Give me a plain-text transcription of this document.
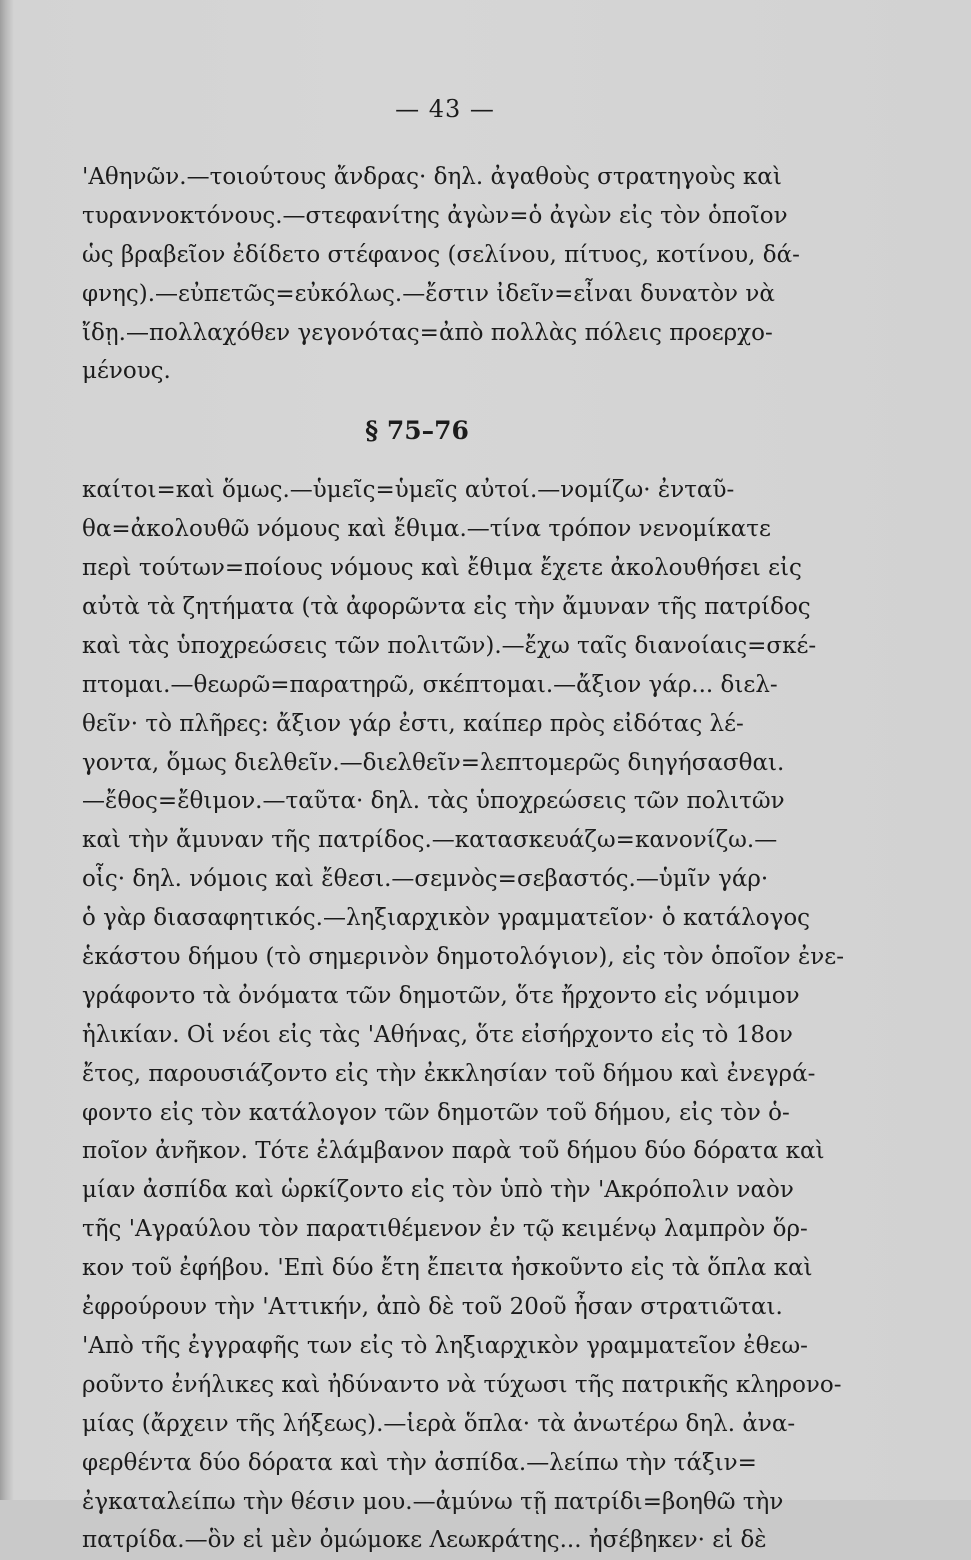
— 43 —
'Αθηνῶν.—τοιούτους ἄνδρας· δηλ. ἀγαθοὺς στρατηγοὺς καὶ
τυραννοκτόνους.—στεφανίτης ἀγὼν=ὁ ἀγὼν εἰς τὸν ὁποῖον
ὡς βραβεῖον ἐδίδετο στέφανος (σελίνου, πίτυος, κοτίνου, δά-
φνης).—εὐπετῶς=εὐκόλως.—ἔστιν ἰδεῖν=εἶναι δυνατὸν νὰ
ἴδῃ.—πολλαχόθεν γεγονότας=ἀπὸ πολλὰς πόλεις προερχο-
μένους.
§ 75–76
καίτοι=καὶ ὅμως.—ὑμεῖς=ὑμεῖς αὐτοί.—νομίζω· ἐνταῦ-
θα=ἀκολουθῶ νόμους καὶ ἔθιμα.—τίνα τρόπον νενομίκατε
περὶ τούτων=ποίους νόμους καὶ ἔθιμα ἔχετε ἀκολουθήσει εἰς
αὐτὰ τὰ ζητήματα (τὰ ἀφορῶντα εἰς τὴν ἄμυναν τῆς πατρίδος
καὶ τὰς ὑποχρεώσεις τῶν πολιτῶν).—ἔχω ταῖς διανοίαις=σκέ-
πτομαι.—θεωρῶ=παρατηρῶ, σκέπτομαι.—ἄξιον γάρ... διελ-
θεῖν· τὸ πλῆρες: ἄξιον γάρ ἐστι, καίπερ πρὸς εἰδότας λέ-
γοντα, ὅμως διελθεῖν.—διελθεῖν=λεπτομερῶς διηγήσασθαι.
—ἔθος=ἔθιμον.—ταῦτα· δηλ. τὰς ὑποχρεώσεις τῶν πολιτῶν
καὶ τὴν ἄμυναν τῆς πατρίδος.—κατασκευάζω=κανονίζω.—
οἷς· δηλ. νόμοις καὶ ἔθεσι.—σεμνὸς=σεβαστός.—ὑμῖν γάρ·
ὁ γὰρ διασαφητικός.—ληξιαρχικὸν γραμματεῖον· ὁ κατάλογος
ἑκάστου δήμου (τὸ σημερινὸν δημοτολόγιον), εἰς τὸν ὁποῖον ἐνε-
γράφοντο τὰ ὀνόματα τῶν δημοτῶν, ὅτε ἤρχοντο εἰς νόμιμον
ἡλικίαν. Οἱ νέοι εἰς τὰς 'Αθήνας, ὅτε εἰσήρχοντο εἰς τὸ 18ον
ἔτος, παρουσιάζοντο εἰς τὴν ἐκκλησίαν τοῦ δήμου καὶ ἐνεγρά-
φοντο εἰς τὸν κατάλογον τῶν δημοτῶν τοῦ δήμου, εἰς τὸν ὁ-
ποῖον ἀνῆκον. Τότε ἐλάμβανον παρὰ τοῦ δήμου δύο δόρατα καὶ
μίαν ἀσπίδα καὶ ὡρκίζοντο εἰς τὸν ὑπὸ τὴν 'Ακρόπολιν ναὸν
τῆς 'Αγραύλου τὸν παρατιθέμενον ἐν τῷ κειμένῳ λαμπρὸν ὅρ-
κον τοῦ ἐφήβου. 'Επὶ δύο ἔτη ἔπειτα ἠσκοῦντο εἰς τὰ ὅπλα καὶ
ἐφρούρουν τὴν 'Αττικήν, ἀπὸ δὲ τοῦ 20οῦ ἦσαν στρατιῶται.
'Απὸ τῆς ἐγγραφῆς των εἰς τὸ ληξιαρχικὸν γραμματεῖον ἐθεω-
ροῦντο ἐνήλικες καὶ ἠδύναντο νὰ τύχωσι τῆς πατρικῆς κληρονο-
μίας (ἄρχειν τῆς λήξεως).—ἱερὰ ὅπλα· τὰ ἀνωτέρω δηλ. ἀνα-
φερθέντα δύο δόρατα καὶ τὴν ἀσπίδα.—λείπω τὴν τάξιν=
ἐγκαταλείπω τὴν θέσιν μου.—ἀμύνω τῇ πατρίδι=βοηθῶ τὴν
πατρίδα.—ὃν εἰ μὲν ὀμώμοκε Λεωκράτης... ἠσέβηκεν· εἰ δὲ
